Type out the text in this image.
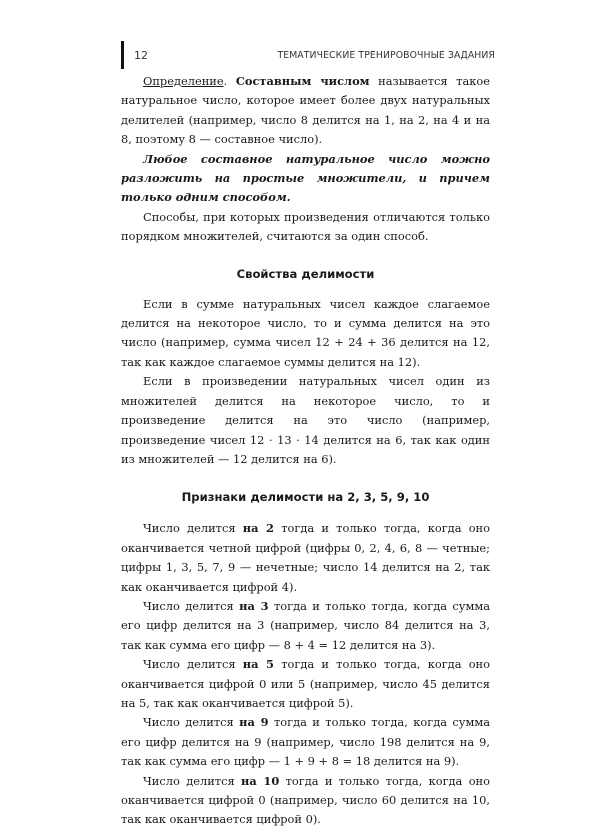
12	ТЕМАТИЧЕСКИЕ ТРЕНИРОВОЧНЫЕ ЗАДАНИЯ

Определение. Составным числом называется такое натуральное число, которое имеет более двух натуральных делителей (например, число 8 делится на 1, на 2, на 4 и на 8, поэтому 8 — составное число).

Любое составное натуральное число можно разложить на простые множители, и причем только одним способом.

Способы, при которых произведения отличаются только порядком множителей, считаются за один способ.

Свойства делимости

Если в сумме натуральных чисел каждое слагаемое делится на некоторое число, то и сумма делится на это число (например, сумма чисел 12 + 24 + 36 делится на 12, так как каждое слагаемое суммы делится на 12).

Если в произведении натуральных чисел один из множителей делится на некоторое число, то и произведение делится на это число (например, произведение чисел 12 · 13 · 14 делится на 6, так как один из множителей — 12 делится на 6).

Признаки делимости на 2, 3, 5, 9, 10

Число делится на 2 тогда и только тогда, когда оно оканчивается четной цифрой (цифры 0, 2, 4, 6, 8 — четные; цифры 1, 3, 5, 7, 9 — нечетные; число 14 делится на 2, так как оканчивается цифрой 4).

Число делится на 3 тогда и только тогда, когда сумма его цифр делится на 3 (например, число 84 делится на 3, так как сумма его цифр — 8 + 4 = 12 делится на 3).

Число делится на 5 тогда и только тогда, когда оно оканчивается цифрой 0 или 5 (например, число 45 делится на 5, так как оканчивается цифрой 5).

Число делится на 9 тогда и только тогда, когда сумма его цифр делится на 9 (например, число 198 делится на 9, так как сумма его цифр — 1 + 9 + 8 = 18 делится на 9).

Число делится на 10 тогда и только тогда, когда оно оканчивается цифрой 0 (например, число 60 делится на 10, так как оканчивается цифрой 0).
